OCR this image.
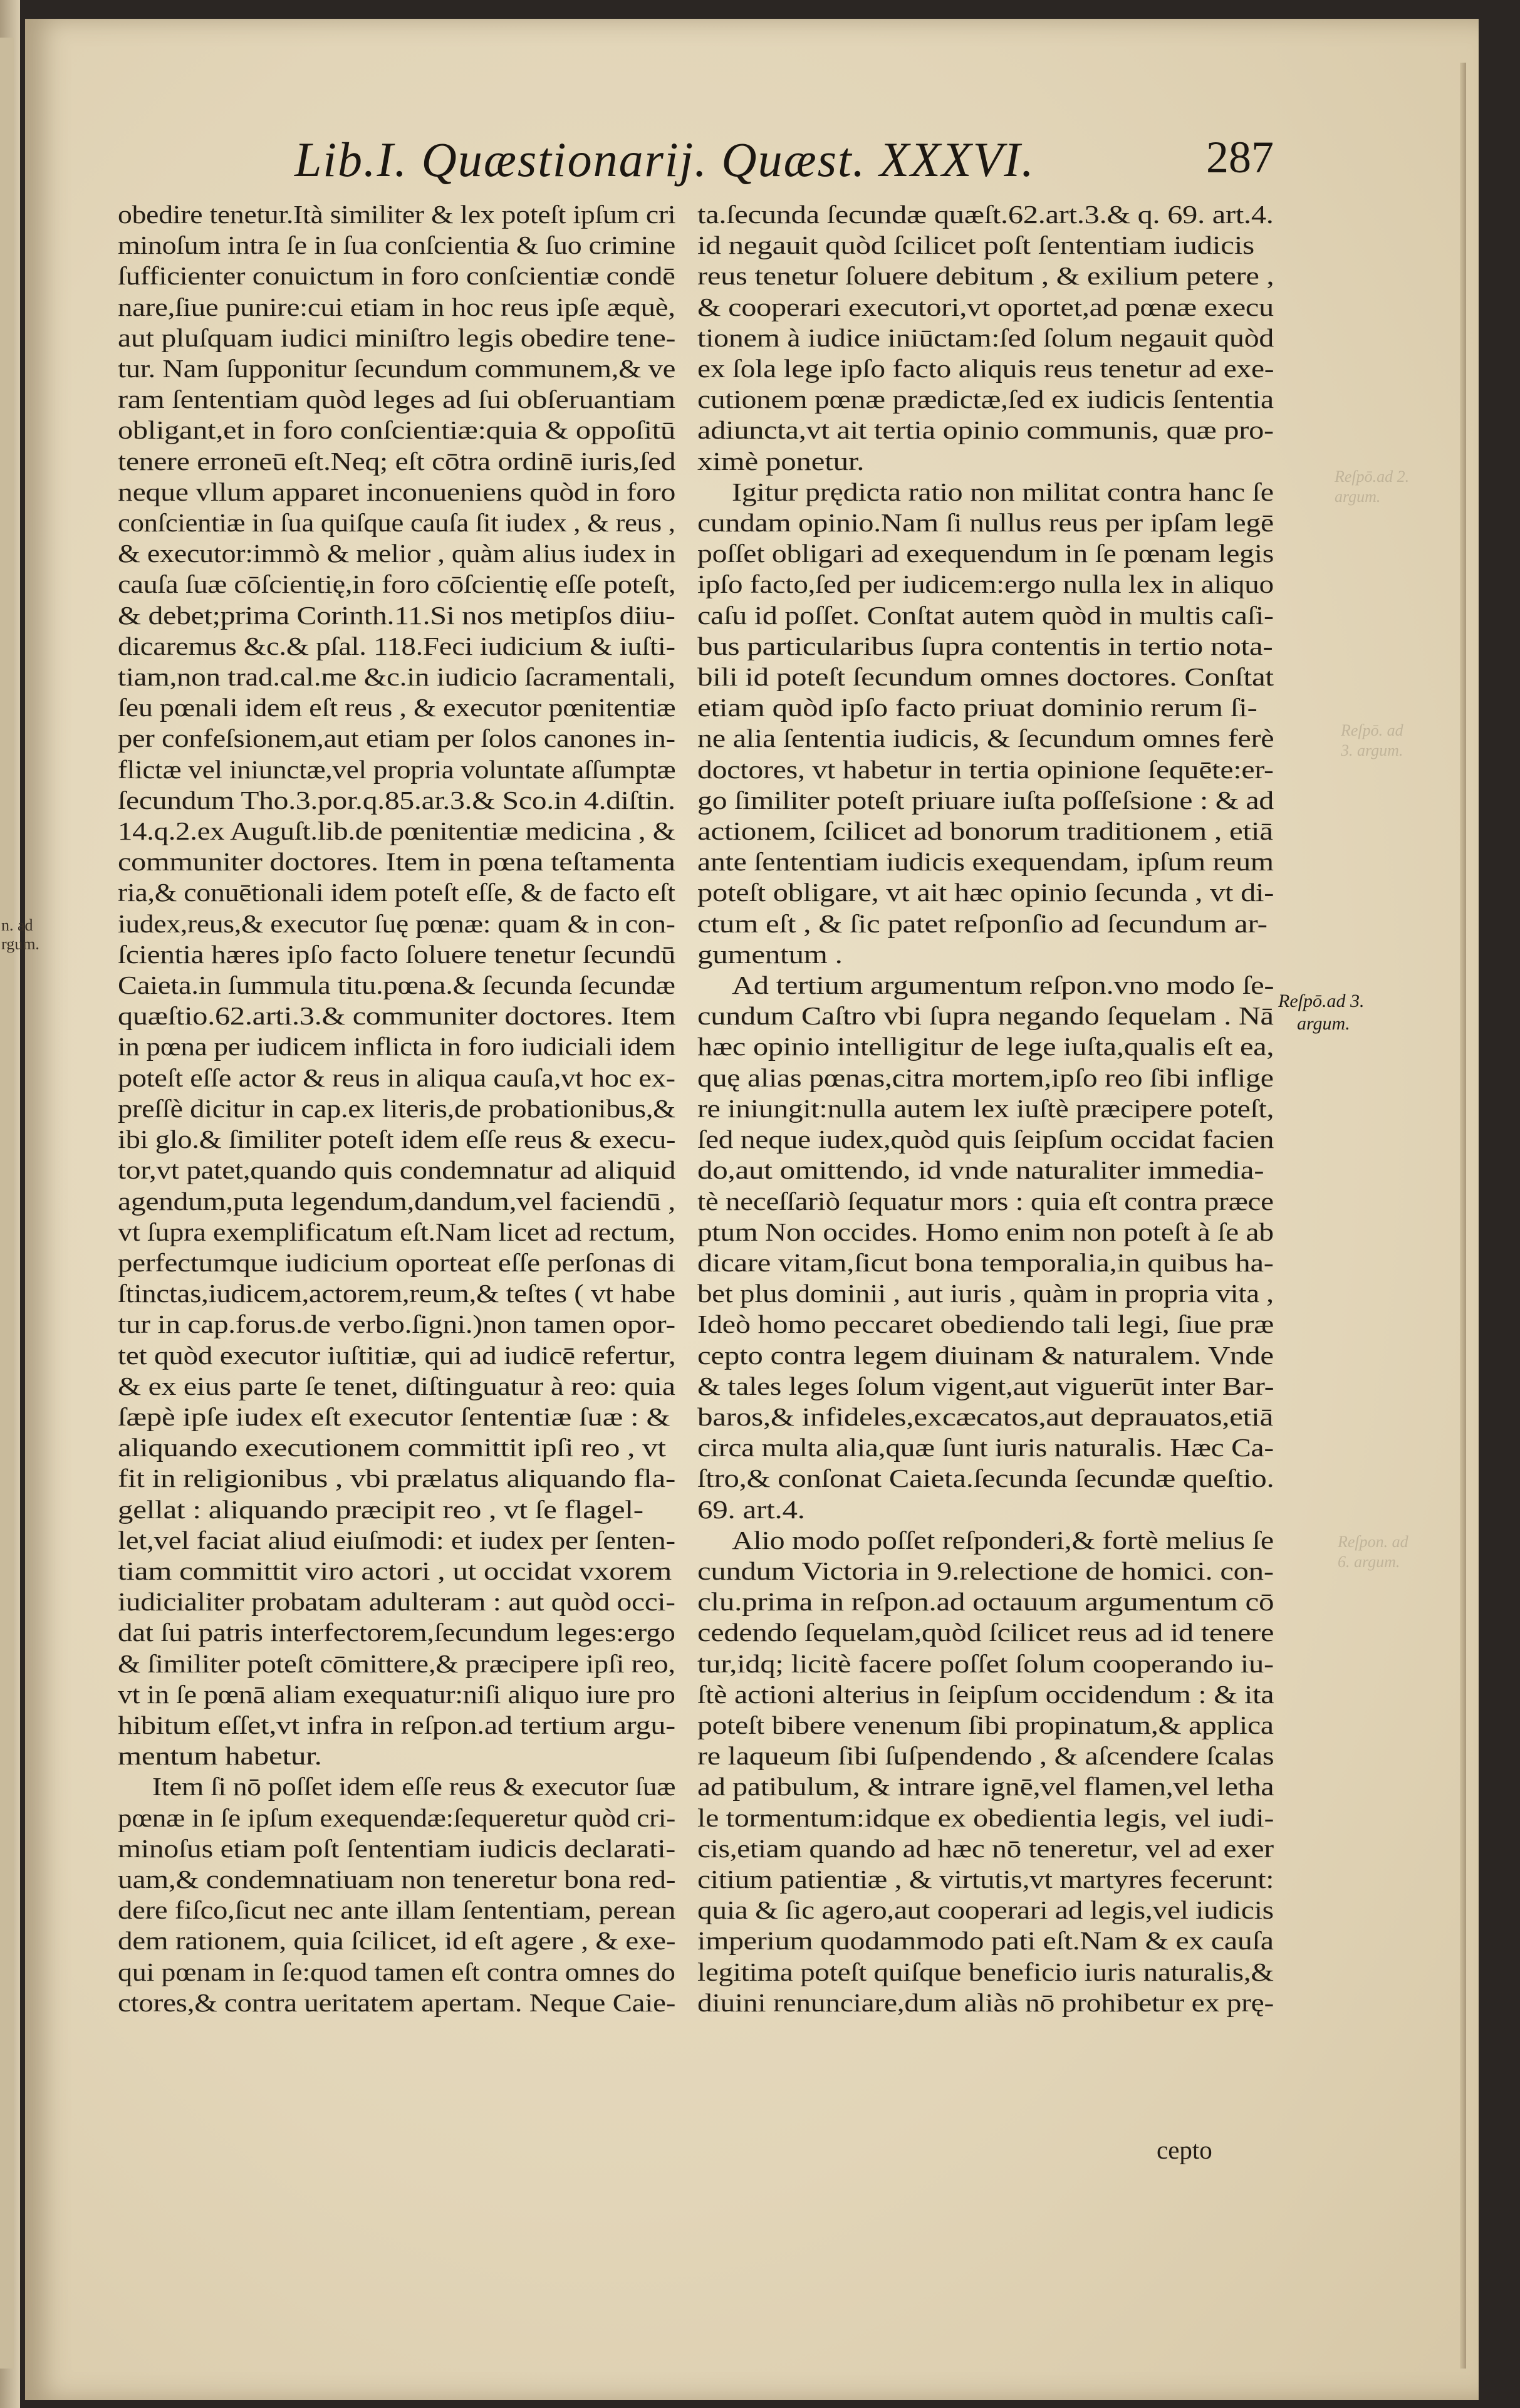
Lib.I. Quæstionarij. Quæst. XXXVI.	287
obedire tenetur.Ità similiter & lex poteſt ipſum cri
minoſum intra ſe in ſua conſcientia & ſuo crimine
ſufficienter conuictum in foro conſcientiæ condē
nare,ſiue punire:cui etiam in hoc reus ipſe æquè,
aut pluſquam iudici miniſtro legis obedire tene-
tur. Nam ſupponitur ſecundum communem,& ve
ram ſententiam quòd leges ad ſui obſeruantiam
obligant,et in foro conſcientiæ:quia & oppoſitū
tenere erroneū eſt.Neq; eſt cōtra ordinē iuris,ſed
neque vllum apparet inconueniens quòd in foro
conſcientiæ in ſua quiſque cauſa ſit iudex , & reus ,
& executor:immò & melior , quàm alius iudex in
cauſa ſuæ cōſcientię,in foro cōſcientię eſſe poteſt,
& debet;prima Corinth.11.Si nos metipſos diiu-
dicaremus &c.& pſal. 118.Feci iudicium & iuſti-
tiam,non trad.cal.me &c.in iudicio ſacramentali,
ſeu pœnali idem eſt reus , & executor pœnitentiæ
per confeſsionem,aut etiam per ſolos canones in-
flictæ vel iniunctæ,vel propria voluntate aſſumptæ
ſecundum Tho.3.por.q.85.ar.3.& Sco.in 4.diſtin.
14.q.2.ex Auguſt.lib.de pœnitentiæ medicina , &
communiter doctores. Item in pœna teſtamenta
ria,& conuētionali idem poteſt eſſe, & de facto eſt
iudex,reus,& executor ſuę pœnæ: quam & in con-
ſcientia hæres ipſo facto ſoluere tenetur ſecundū
Caieta.in ſummula titu.pœna.& ſecunda ſecundæ
quæſtio.62.arti.3.& communiter doctores. Item
in pœna per iudicem inflicta in foro iudiciali idem
poteſt eſſe actor & reus in aliqua cauſa,vt hoc ex-
preſſè dicitur in cap.ex literis,de probationibus,&
ibi glo.& ſimiliter poteſt idem eſſe reus & execu-
tor,vt patet,quando quis condemnatur ad aliquid
agendum,puta legendum,dandum,vel faciendū ,
vt ſupra exemplificatum eſt.Nam licet ad rectum,
perfectumque iudicium oporteat eſſe perſonas di
ſtinctas,iudicem,actorem,reum,& teſtes ( vt habe
tur in cap.forus.de verbo.ſigni.)non tamen opor-
tet quòd executor iuſtitiæ, qui ad iudicē refertur,
& ex eius parte ſe tenet, diſtinguatur à reo: quia
ſæpè ipſe iudex eſt executor ſententiæ ſuæ : &
aliquando executionem committit ipſi reo , vt
fit in religionibus , vbi prælatus aliquando fla-
gellat : aliquando præcipit reo , vt ſe flagel-
let,vel faciat aliud eiuſmodi: et iudex per ſenten-
tiam committit viro actori , ut occidat vxorem
iudicialiter probatam adulteram : aut quòd occi-
dat ſui patris interfectorem,ſecundum leges:ergo
& ſimiliter poteſt cōmittere,& præcipere ipſi reo,
vt in ſe pœnā aliam exequatur:niſi aliquo iure pro
hibitum eſſet,vt infra in reſpon.ad tertium argu-
mentum habetur.
Item ſi nō poſſet idem eſſe reus & executor ſuæ
pœnæ in ſe ipſum exequendæ:ſequeretur quòd cri-
minoſus etiam poſt ſententiam iudicis declarati-
uam,& condemnatiuam non teneretur bona red-
dere fiſco,ſicut nec ante illam ſententiam, perean
dem rationem, quia ſcilicet, id eſt agere , & exe-
qui pœnam in ſe:quod tamen eſt contra omnes do
ctores,& contra ueritatem apertam. Neque Caie-
ta.ſecunda ſecundæ quæſt.62.art.3.& q. 69. art.4.
id negauit quòd ſcilicet poſt ſententiam iudicis
reus tenetur ſoluere debitum , & exilium petere ,
& cooperari executori,vt oportet,ad pœnæ execu
tionem à iudice iniūctam:ſed ſolum negauit quòd
ex ſola lege ipſo facto aliquis reus tenetur ad exe-
cutionem pœnæ prædictæ,ſed ex iudicis ſententia
adiuncta,vt ait tertia opinio communis, quæ pro-
ximè ponetur.
Igitur prędicta ratio non militat contra hanc ſe
cundam opinio.Nam ſi nullus reus per ipſam legē
poſſet obligari ad exequendum in ſe pœnam legis
ipſo facto,ſed per iudicem:ergo nulla lex in aliquo
caſu id poſſet. Conſtat autem quòd in multis caſi-
bus particularibus ſupra contentis in tertio nota-
bili id poteſt ſecundum omnes doctores. Conſtat
etiam quòd ipſo facto priuat dominio rerum ſi-
ne alia ſententia iudicis, & ſecundum omnes ferè
doctores, vt habetur in tertia opinione ſequēte:er-
go ſimiliter poteſt priuare iuſta poſſeſsione : & ad
actionem, ſcilicet ad bonorum traditionem , etiā
ante ſententiam iudicis exequendam, ipſum reum
poteſt obligare, vt ait hæc opinio ſecunda , vt di-
ctum eſt , & ſic patet reſponſio ad ſecundum ar-
gumentum .
Ad tertium argumentum reſpon.vno modo ſe-
cundum Caſtro vbi ſupra negando ſequelam . Nā
hæc opinio intelligitur de lege iuſta,qualis eſt ea,
quę alias pœnas,citra mortem,ipſo reo ſibi inflige
re iniungit:nulla autem lex iuſtè præcipere poteſt,
ſed neque iudex,quòd quis ſeipſum occidat facien
do,aut omittendo, id vnde naturaliter immedia-
tè neceſſariò ſequatur mors : quia eſt contra præce
ptum Non occides. Homo enim non poteſt à ſe ab
dicare vitam,ſicut bona temporalia,in quibus ha-
bet plus dominii , aut iuris , quàm in propria vita ,
Ideò homo peccaret obediendo tali legi, ſiue præ
cepto contra legem diuinam & naturalem. Vnde
& tales leges ſolum vigent,aut viguerūt inter Bar-
baros,& infideles,excæcatos,aut deprauatos,etiā
circa multa alia,quæ ſunt iuris naturalis. Hæc Ca-
ſtro,& conſonat Caieta.ſecunda ſecundæ queſtio.
69. art.4.
Alio modo poſſet reſponderi,& fortè melius ſe
cundum Victoria in 9.relectione de homici. con-
clu.prima in reſpon.ad octauum argumentum cō
cedendo ſequelam,quòd ſcilicet reus ad id tenere
tur,idq; licitè facere poſſet ſolum cooperando iu-
ſtè actioni alterius in ſeipſum occidendum : & ita
poteſt bibere venenum ſibi propinatum,& applica
re laqueum ſibi ſuſpendendo , & aſcendere ſcalas
ad patibulum, & intrare ignē,vel flamen,vel letha
le tormentum:idque ex obedientia legis, vel iudi-
cis,etiam quando ad hæc nō teneretur, vel ad exer
citium patientiæ , & virtutis,vt martyres fecerunt:
quia & ſic agero,aut cooperari ad legis,vel iudicis
imperium quodammodo pati eſt.Nam & ex cauſa
legitima poteſt quiſque beneficio iuris naturalis,&
diuini renunciare,dum aliàs nō prohibetur ex prę-
cepto
Reſpō.ad 3.
argum.
Reſpō.ad 2.
argum.
Reſpō. ad
3. argum.
Reſpon. ad
6. argum.
n. ad
rgum.
